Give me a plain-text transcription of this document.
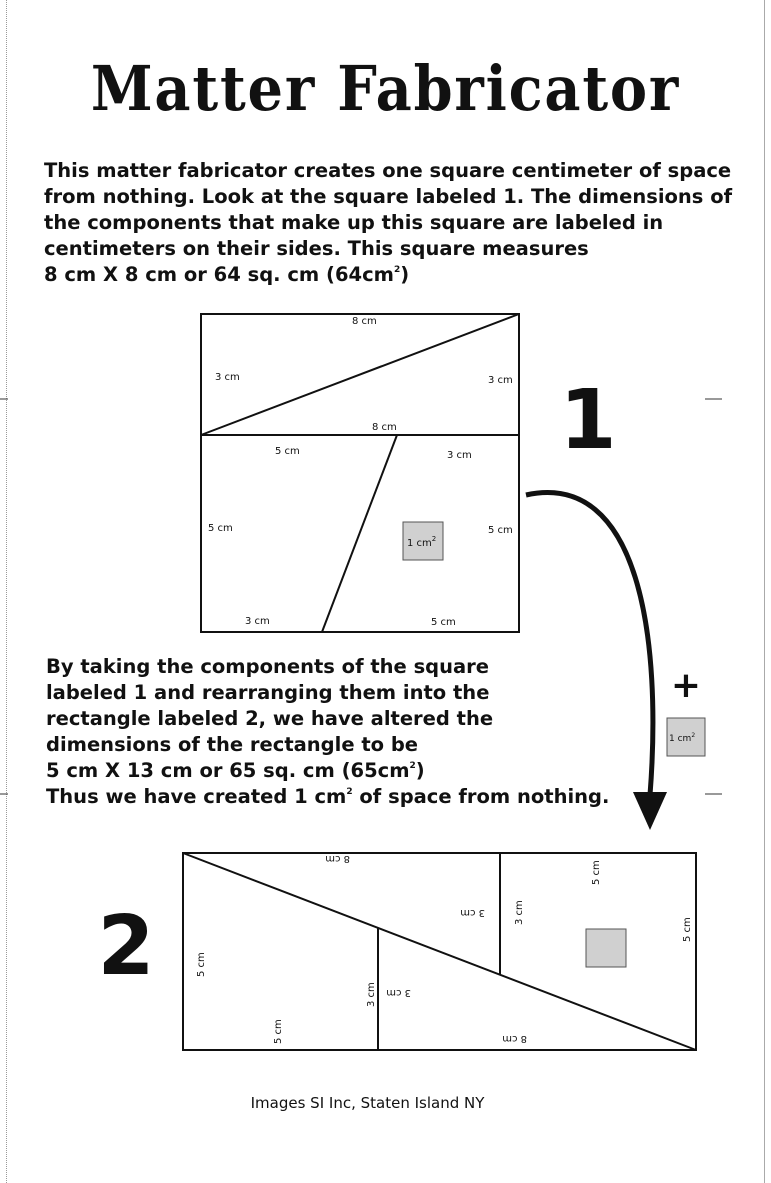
Matter Fabricator

This matter fabricator creates one square centimeter of space
from nothing. Look at the square labeled 1. The dimensions of
the components that make up this square are labeled in
centimeters on their sides. This square measures
8 cm X 8 cm or 64 sq. cm $(64cm^2)$

8 cm
3 cm	3 cm
8 cm
5 cm	3 cm
5 cm	5 cm
3 cm	5 cm
1 $cm^2$
1
+
1 $cm^2$
8 cm
3 cm	3 cm
5 cm
5 cm
5 cm
3 cm 3 cm
5 cm	8 cm
2

By taking the components of the square
labeled 1 and rearranging them into the
rectangle labeled 2, we have altered the
dimensions of the rectangle to be
5 cm X 13 cm or 65 sq. cm $(65cm^2)$
Thus we have created 1 $cm^2$ of space from nothing.

Images SI Inc, Staten Island NY
